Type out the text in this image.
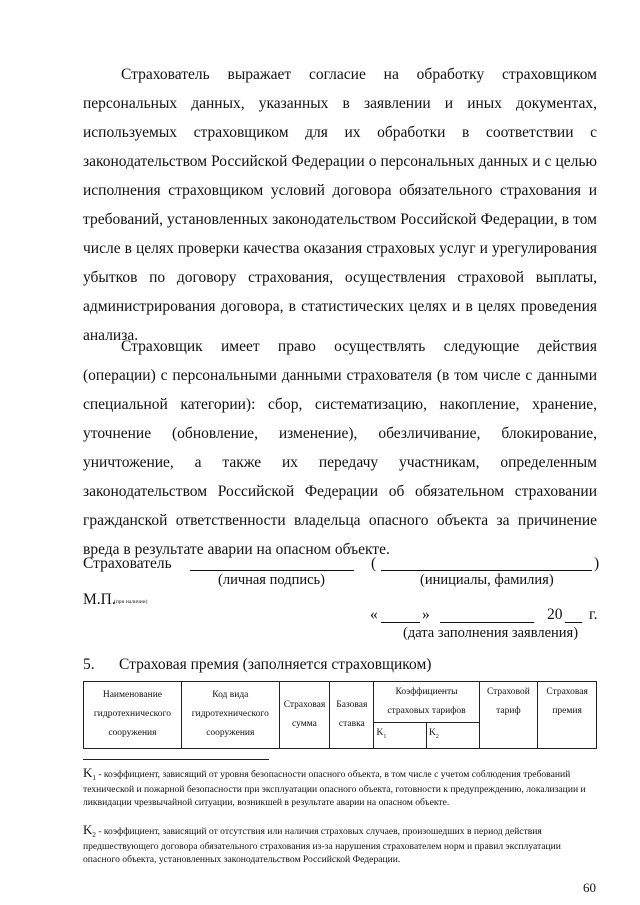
Страхователь выражает согласие на обработку страховщиком персональных данных, указанных в заявлении и иных документах, используемых страховщиком для их обработки в соответствии с законодательством Российской Федерации о персональных данных и с целью исполнения страховщиком условий договора обязательного страхования и требований, установленных законодательством Российской Федерации, в том числе в целях проверки качества оказания страховых услуг и урегулирования убытков по договору страхования, осуществления страховой выплаты, администрирования договора, в статистических целях и в целях проведения анализа.

Страховщик имеет право осуществлять следующие действия (операции) с персональными данными страхователя (в том числе с данными специальной категории): сбор, систематизацию, накопление, хранение, уточнение (обновление, изменение), обезличивание, блокирование, уничтожение, а также их передачу участникам, определенным законодательством Российской Федерации об обязательном страховании гражданской ответственности владельца опасного объекта за причинение вреда в результате аварии на опасном объекте.

Страхователь	(	)
(личная подпись)	(инициалы, фамилия)
М.П.
(при наличии)
«	»	20 г.
(дата заполнения заявления)
5. Страховая премия (заполняется страховщиком)
Наименование гидротехнического сооружения	Код вида гидротехнического сооружения	Страховая сумма	Базовая ставка	Коэффициенты страховых тарифов		Страховой тариф	Страховая премия
				$K_1$	$K_2$
$K_1$ - коэффициент, зависящий от уровня безопасности опасного объекта, в том числе с учетом соблюдения требований технической и пожарной безопасности при эксплуатации опасного объекта, готовности к предупреждению, локализации и ликвидации чрезвычайной ситуации, возникшей в результате аварии на опасном объекте.
$K_2$ - коэффициент, зависящий от отсутствия или наличия страховых случаев, произошедших в период действия предшествующего договора обязательного страхования из-за нарушения страхователем норм и правил эксплуатации опасного объекта, установленных законодательством Российской Федерации.
60
